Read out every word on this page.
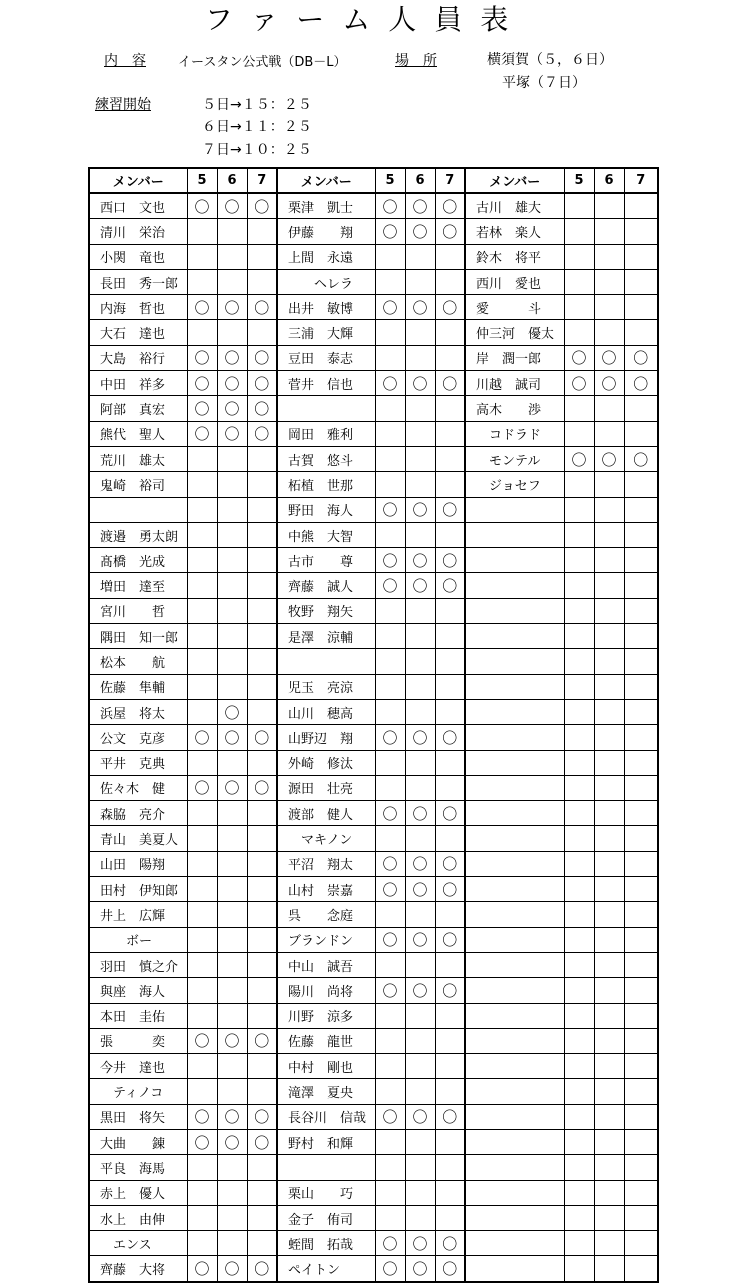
ファーム人員表
内　容 イースタン公式戦（DB－L）	場　所	横須賀（５，６日）
平塚（７日）
練習開始	５日→１５：２５
６日→１１：２５
７日→１０：２５
メンバー	5	6	7	メンバー	5	6	7	メンバー	5	6	7
西口　文也	〇	〇	〇	栗津　凱士	〇	〇	〇	古川　雄大			
清川　栄治				伊藤　　翔	〇	〇	〇	若林　楽人			
小関　竜也				上間　永遠				鈴木　将平			
長田　秀一郎				　　ヘレラ				西川　愛也			
内海　哲也	〇	〇	〇	出井　敏博	〇	〇	〇	愛　　　斗			
大石　達也				三浦　大輝				仲三河　優太			
大島　裕行	〇	〇	〇	豆田　泰志				岸　潤一郎	〇	〇	〇
中田　祥多	〇	〇	〇	菅井　信也	〇	〇	〇	川越　誠司	〇	〇	〇
阿部　真宏	〇	〇	〇					高木　　渉			
熊代　聖人	〇	〇	〇	岡田　雅利				　コドラド			
荒川　雄太				古賀　悠斗				　モンテル	〇	〇	〇
鬼崎　裕司				柘植　世那				　ジョセフ			
				野田　海人	〇	〇	〇				
渡邉　勇太朗				中熊　大智							
髙橋　光成				古市　　尊	〇	〇	〇				
増田　達至				齊藤　誠人	〇	〇	〇				
宮川　　哲				牧野　翔矢							
隅田　知一郎				是澤　涼輔							
松本　　航											
佐藤　隼輔				児玉　亮涼							
浜屋　将太		〇		山川　穂高							
公文　克彦	〇	〇	〇	山野辺　翔	〇	〇	〇				
平井　克典				外崎　修汰							
佐々木　健	〇	〇	〇	源田　壮亮							
森脇　亮介				渡部　健人	〇	〇	〇				
青山　美夏人				　マキノン							
山田　陽翔				平沼　翔太	〇	〇	〇				
田村　伊知郎				山村　崇嘉	〇	〇	〇				
井上　広輝				呉　　念庭							
　　ボー				ブランドン	〇	〇	〇				
羽田　慎之介				中山　誠吾							
與座　海人				陽川　尚将	〇	〇	〇				
本田　圭佑				川野　涼多							
張　　　奕	〇	〇	〇	佐藤　龍世							
今井　達也				中村　剛也							
　ティノコ				滝澤　夏央							
黒田　将矢	〇	〇	〇	長谷川　信哉	〇	〇	〇				
大曲　　錬	〇	〇	〇	野村　和輝							
平良　海馬											
赤上　優人				栗山　　巧							
水上　由伸				金子　侑司							
　エンス				蛭間　拓哉	〇	〇	〇				
齊藤　大将	〇	〇	〇	ペイトン	〇	〇	〇				
